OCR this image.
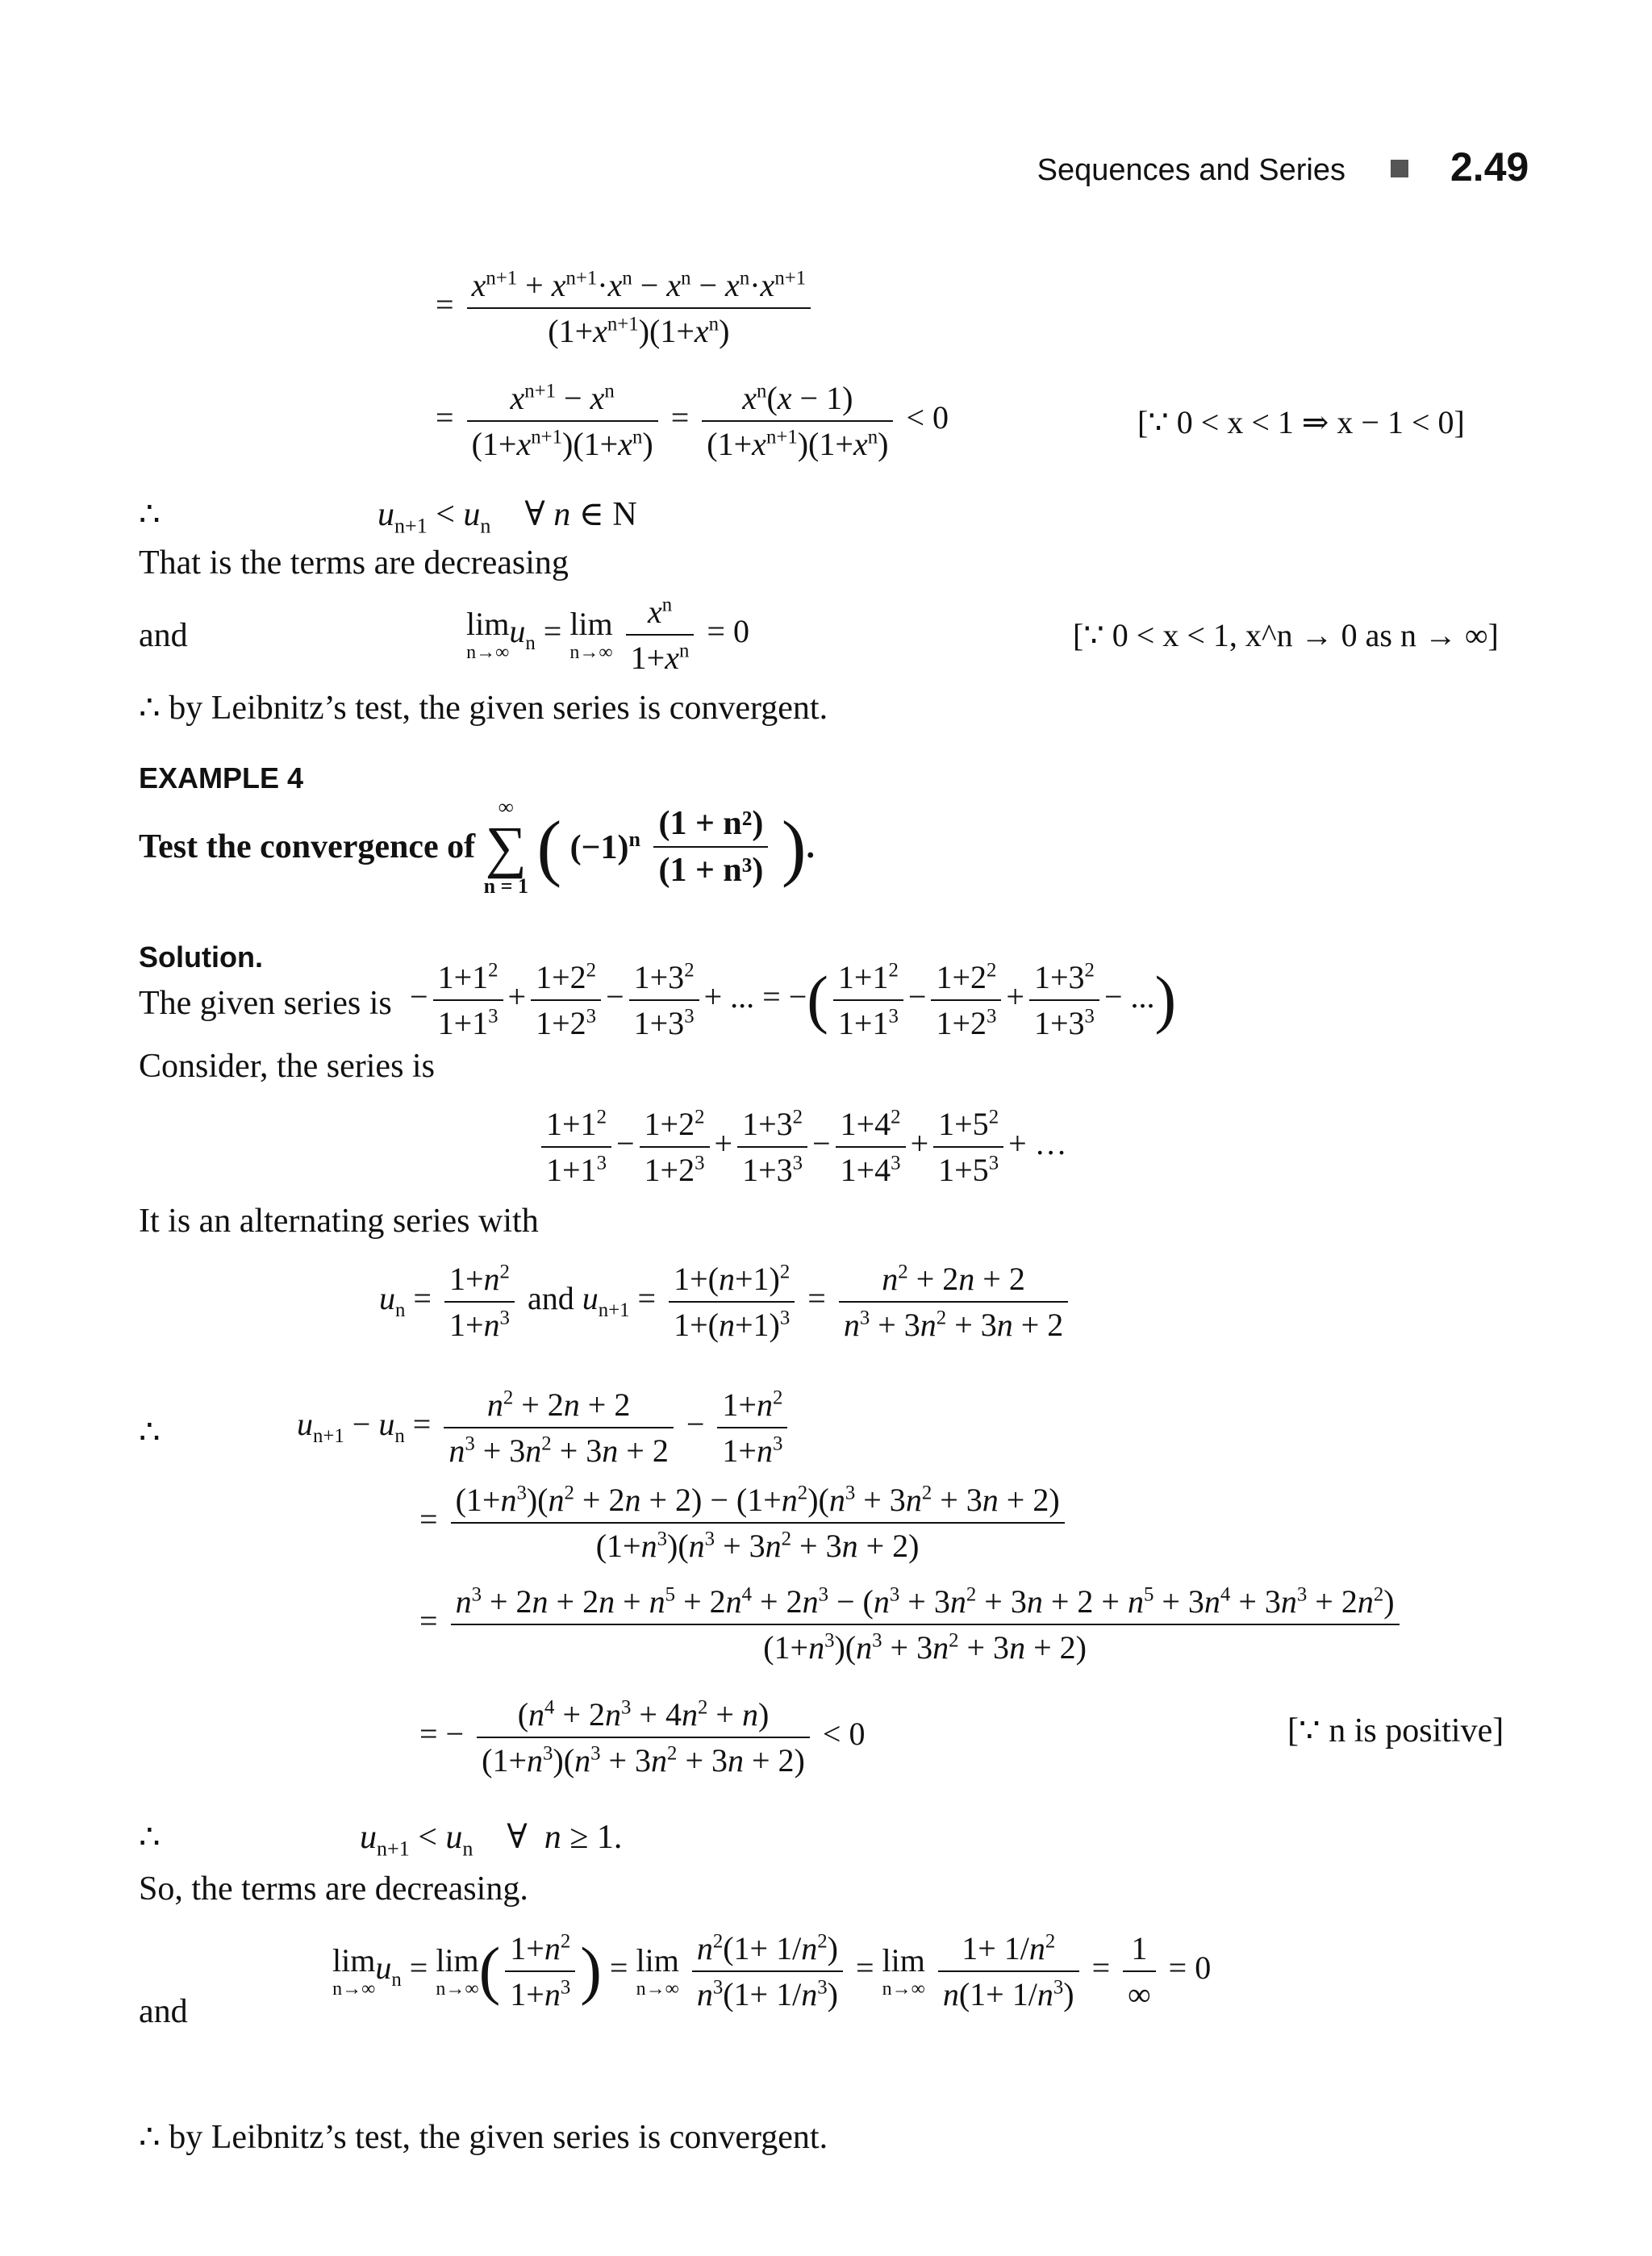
Sequences and Series	2.49
= $\frac{x^{n+1} + x^{n+1}\cdot x^n - x^n - x^n\cdot x^{n+1}}{(1+x^{n+1})(1+x^n)}$
= $\frac{x^{n+1} - x^n}{(1+x^{n+1})(1+x^n)} = \frac{x^n(x - 1)}{(1+x^{n+1})(1+x^n)} < 0$	[∵ 0 < x < 1 ⇒ x − 1 < 0]
∴	$u_{n+1} < u_n$    ∀ n ∈ N
That is the terms are decreasing
and	lim
n→∞
$u_n = \lim$
n→∞
$\frac{x^n}{1+x^n} = 0$	[∵ 0 < x < 1, x^n → 0 as n → ∞]
∴ by Leibnitz’s test, the given series is convergent.
EXAMPLE 4
Test the convergence of
∞
∑
n = 1 ( $(-1)^n \frac{\text{(1 + n²)}}{\text{(1 + n³)}}$ ).
Solution.
The given series is − $\frac{1+1^2}{1+1^3} + \frac{1+2^2}{1+2^3} - \frac{1+3^2}{1+3^3}$ + ... = −( $\frac{1+1^2}{1+1^3} - \frac{1+2^2}{1+2^3} + \frac{1+3^2}{1+3^3}$ − ...)
Consider, the series is
$\frac{1+1^2}{1+1^3} - \frac{1+2^2}{1+2^3} + \frac{1+3^2}{1+3^3} - \frac{1+4^2}{1+4^3} + \frac{1+5^2}{1+5^3}$ + …
It is an alternating series with
$u_n = \frac{1+n^2}{1+n^3}$ and $u_{n+1} = \frac{1+(n+1)^2}{1+(n+1)^3} = \frac{n^2 + 2n + 2}{n^3 + 3n^2 + 3n + 2}$
∴	$u_{n+1} - u_n = \frac{n^2 + 2n + 2}{n^3 + 3n^2 + 3n + 2} - \frac{1+n^2}{1+n^3}$
= $\frac{(1+n^3)(n^2 + 2n + 2) - (1+n^2)(n^3 + 3n^2 + 3n + 2)}{(1+n^3)(n^3 + 3n^2 + 3n + 2)}$
=
$n^3 + 2n + 2n + n^5 + 2n^4 + 2n^3 - (n^3 + 3n^2 + 3n + 2 + n^5 + 3n^4 + 3n^3 + 2n^2)$
$(1+n^3)(n^3 + 3n^2 + 3n + 2)$
= − $\frac{(n^4 + 2n^3 + 4n^2 + n)}{(1+n^3)(n^3 + 3n^2 + 3n + 2)} < 0$	[∵ n is positive]
∴	$u_{n+1} < u_n$    ∀  n ≥ 1.
So, the terms are decreasing.
and
lim
n→∞
$u_n = \lim$
n→∞ ( $\frac{1+n^2}{1+n^3}$ ) = lim
n→∞
$\frac{n^2(1+ 1/n^2)}{n^3(1+ 1/n^3)} = \lim$
n→∞
$\frac{1+ 1/n^2}{n(1+ 1/n^3)} = \frac{1}{\infty} = 0$
∴ by Leibnitz’s test, the given series is convergent.
